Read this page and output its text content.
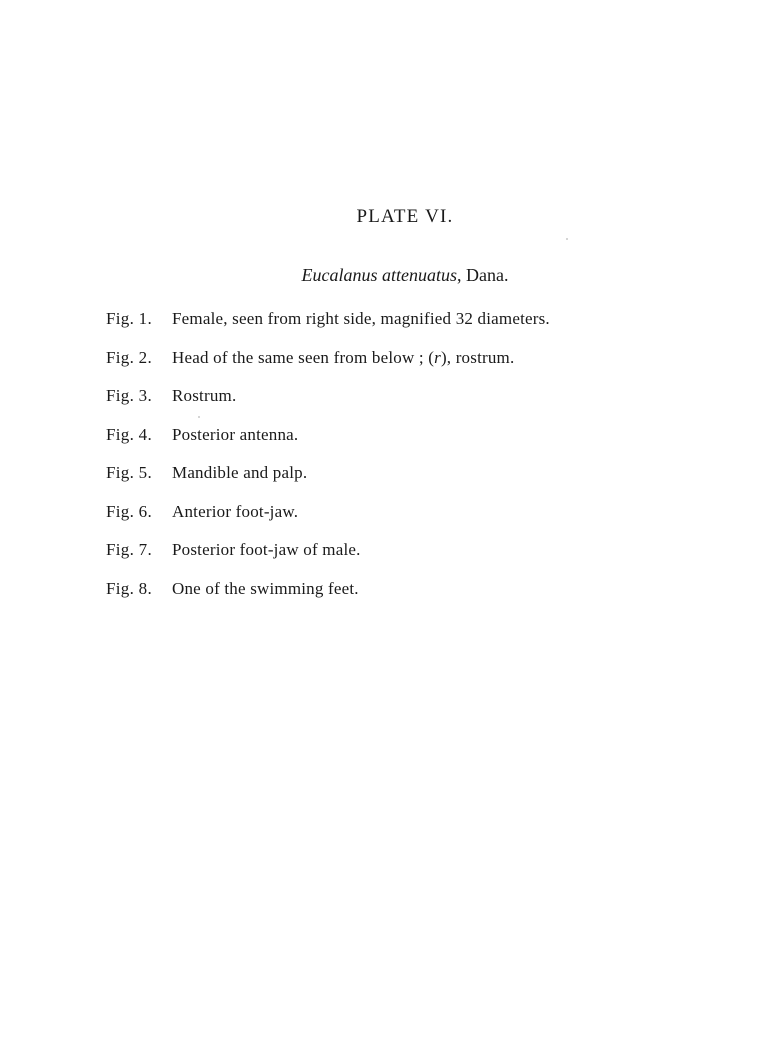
PLATE VI.

Eucalanus attenuatus, Dana.

Fig. 1.	Female, seen from right side, magnified 32 diameters.
Fig. 2.	Head of the same seen from below ; (r), rostrum.
Fig. 3.	Rostrum.
Fig. 4.	Posterior antenna.
Fig. 5.	Mandible and palp.
Fig. 6.	Anterior foot-jaw.
Fig. 7.	Posterior foot-jaw of male.
Fig. 8.	One of the swimming feet.
